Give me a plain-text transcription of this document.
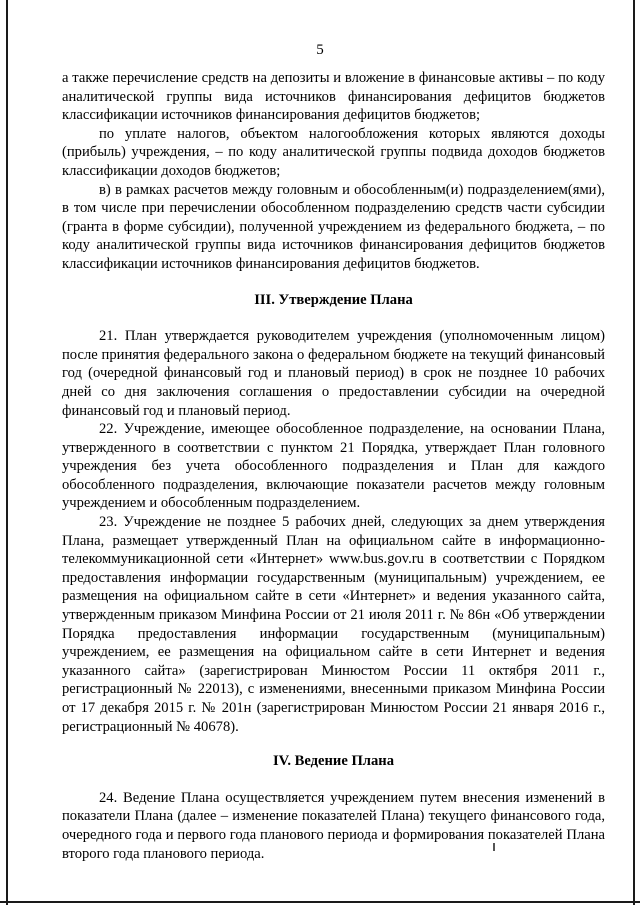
5

а также перечисление средств на депозиты и вложение в финансовые активы – по коду аналитической группы вида источников финансирования дефицитов бюджетов классификации источников финансирования дефицитов бюджетов;

по уплате налогов, объектом налогообложения которых являются доходы (прибыль) учреждения, – по коду аналитической группы подвида доходов бюджетов классификации доходов бюджетов;

в) в рамках расчетов между головным и обособленным(и) подразделением(ями), в том числе при перечислении обособленном подразделению средств части субсидии (гранта в форме субсидии), полученной учреждением из федерального бюджета, – по коду аналитической группы вида источников финансирования дефицитов бюджетов классификации источников финансирования дефицитов бюджетов.

III. Утверждение Плана

21. План утверждается руководителем учреждения (уполномоченным лицом) после принятия федерального закона о федеральном бюджете на текущий финансовый год (очередной финансовый год и плановый период) в срок не позднее 10 рабочих дней со дня заключения соглашения о предоставлении субсидии на очередной финансовый год и плановый период.

22. Учреждение, имеющее обособленное подразделение, на основании Плана, утвержденного в соответствии с пунктом 21 Порядка, утверждает План головного учреждения без учета обособленного подразделения и План для каждого обособленного подразделения, включающие показатели расчетов между головным учреждением и обособленным подразделением.

23. Учреждение не позднее 5 рабочих дней, следующих за днем утверждения Плана, размещает утвержденный План на официальном сайте в информационно-телекоммуникационной сети «Интернет» www.bus.gov.ru в соответствии с Порядком предоставления информации государственным (муниципальным) учреждением, ее размещения на официальном сайте в сети «Интернет» и ведения указанного сайта, утвержденным приказом Минфина России от 21 июля 2011 г. № 86н «Об утверждении Порядка предоставления информации государственным (муниципальным) учреждением, ее размещения на официальном сайте в сети Интернет и ведения указанного сайта» (зарегистрирован Минюстом России 11 октября 2011 г., регистрационный № 22013), с изменениями, внесенными приказом Минфина России от 17 декабря 2015 г. № 201н (зарегистрирован Минюстом России 21 января 2016 г., регистрационный № 40678).

IV. Ведение Плана

24. Ведение Плана осуществляется учреждением путем внесения изменений в показатели Плана (далее – изменение показателей Плана) текущего финансового года, очередного года и первого года планового периода и формирования показателей Плана второго года планового периода.
